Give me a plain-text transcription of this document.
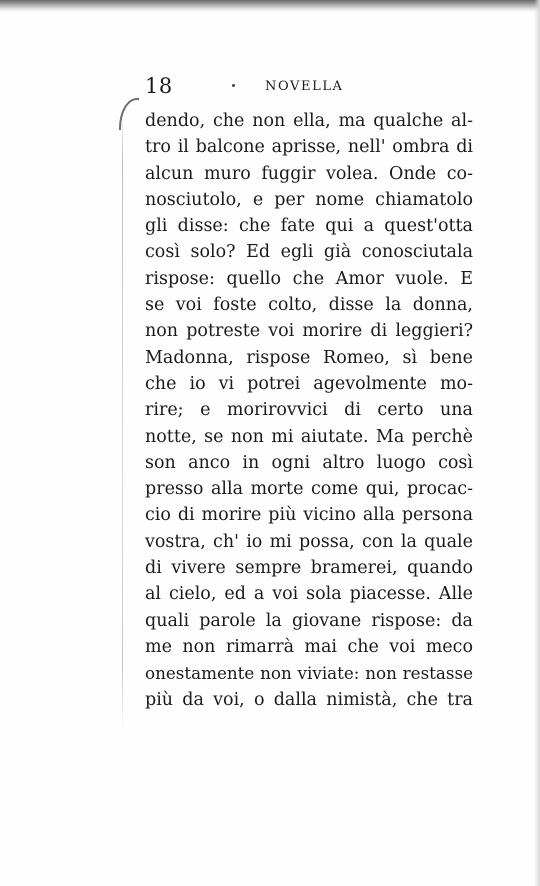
18	NOVELLA
dendo, che non ella, ma qualche al-
tro il balcone aprisse, nell' ombra di
alcun muro fuggir volea. Onde co-
nosciutolo, e per nome chiamatolo
gli disse: che fate qui a quest'otta
così solo? Ed egli già conosciutala
rispose: quello che Amor vuole. E
se voi foste colto, disse la donna,
non potreste voi morire di leggieri?
Madonna, rispose Romeo, sì bene
che io vi potrei agevolmente mo-
rire; e morirovvici di certo una
notte, se non mi aiutate. Ma perchè
son anco in ogni altro luogo così
presso alla morte come qui, procac-
cio di morire più vicino alla persona
vostra, ch' io mi possa, con la quale
di vivere sempre bramerei, quando
al cielo, ed a voi sola piacesse. Alle
quali parole la giovane rispose: da
me non rimarrà mai che voi meco
onestamente non viviate: non restasse
più da voi, o dalla nimistà, che tra
